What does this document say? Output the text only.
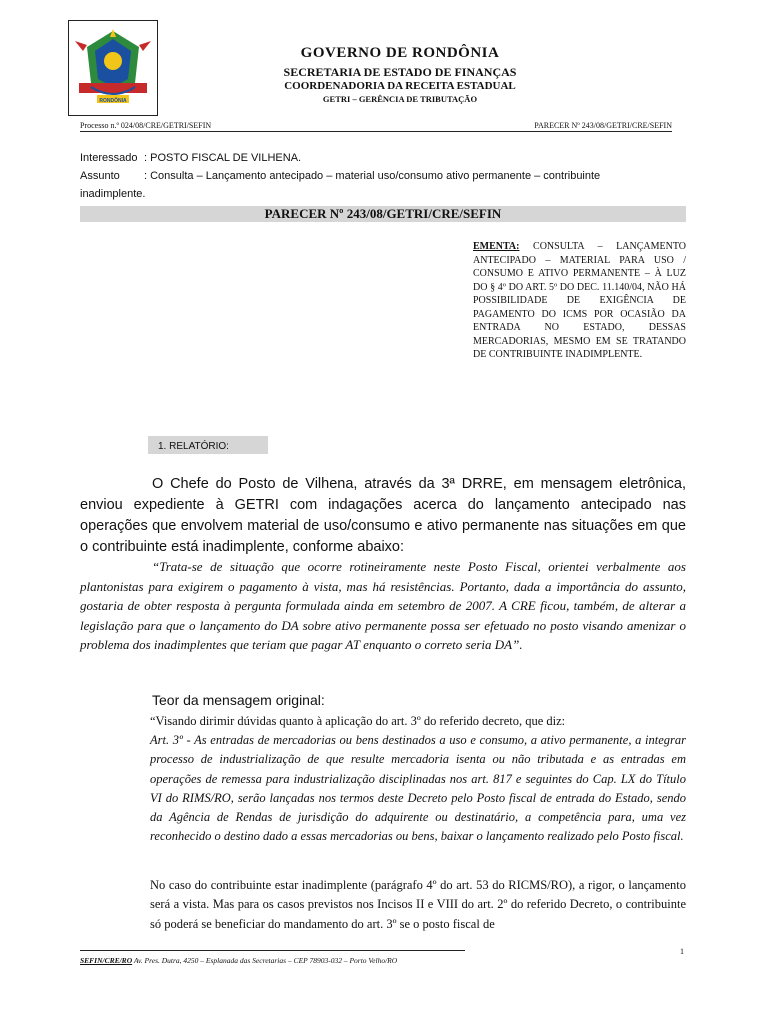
RONDÔNIA
GOVERNO DE RONDÔNIA
SECRETARIA DE ESTADO DE FINANÇAS
COORDENADORIA DA RECEITA ESTADUAL
GETRI – GERÊNCIA DE TRIBUTAÇÃO
Processo n.º 024/08/CRE/GETRI/SEFIN	PARECER Nº 243/08/GETRI/CRE/SEFIN
Interessado : POSTO FISCAL DE VILHENA.
Assunto : Consulta – Lançamento antecipado – material uso/consumo ativo permanente – contribuinte
inadimplente.
PARECER Nº 243/08/GETRI/CRE/SEFIN
EMENTA: CONSULTA – LANÇAMENTO ANTECIPADO – MATERIAL PARA USO / CONSUMO E ATIVO PERMANENTE – À LUZ DO § 4º DO ART. 5º DO DEC. 11.140/04, NÃO HÁ POSSIBILIDADE DE EXIGÊNCIA DE PAGAMENTO DO ICMS POR OCASIÃO DA ENTRADA NO ESTADO, DESSAS MERCADORIAS, MESMO EM SE TRATANDO DE CONTRIBUINTE INADIMPLENTE.
1. RELATÓRIO:
O Chefe do Posto de Vilhena, através da 3ª DRRE, em mensagem eletrônica, enviou expediente à GETRI com indagações acerca do lançamento antecipado nas operações que envolvem material de uso/consumo e ativo permanente nas situações em que o contribuinte está inadimplente, conforme abaixo:
“Trata-se de situação que ocorre rotineiramente neste Posto Fiscal, orientei verbalmente aos plantonistas para exigirem o pagamento à vista, mas há resistências. Portanto, dada a importância do assunto, gostaria de obter resposta à pergunta formulada ainda em setembro de 2007. A CRE ficou, também, de alterar a legislação para que o lançamento do DA sobre ativo permanente possa ser efetuado no posto visando amenizar o problema dos inadimplentes que teriam que pagar AT enquanto o correto seria DA”.
Teor da mensagem original:
“Visando dirimir dúvidas quanto à aplicação do art. 3º do referido decreto, que diz:
Art. 3º - As entradas de mercadorias ou bens destinados a uso e consumo, a ativo permanente, a integrar processo de industrialização de que resulte mercadoria isenta ou não tributada e as entradas em operações de remessa para industrialização disciplinadas nos art. 817 e seguintes do Cap. LX do Título VI do RIMS/RO, serão lançadas nos termos deste Decreto pelo Posto fiscal de entrada do Estado, sendo da Agência de Rendas de jurisdição do adquirente ou destinatário, a competência para, uma vez reconhecido o destino dado a essas mercadorias ou bens, baixar o lançamento realizado pelo Posto fiscal.
No caso do contribuinte estar inadimplente (parágrafo 4º do art. 53 do RICMS/RO), a rigor, o lançamento será a vista. Mas para os casos previstos nos Incisos II e VIII do art. 2º do referido Decreto, o contribuinte só poderá se beneficiar do mandamento do art. 3º se o posto fiscal de
1
SEFIN/CRE/RO Av. Pres. Dutra, 4250 – Esplanada das Secretarias – CEP 78903-032 – Porto Velho/RO
